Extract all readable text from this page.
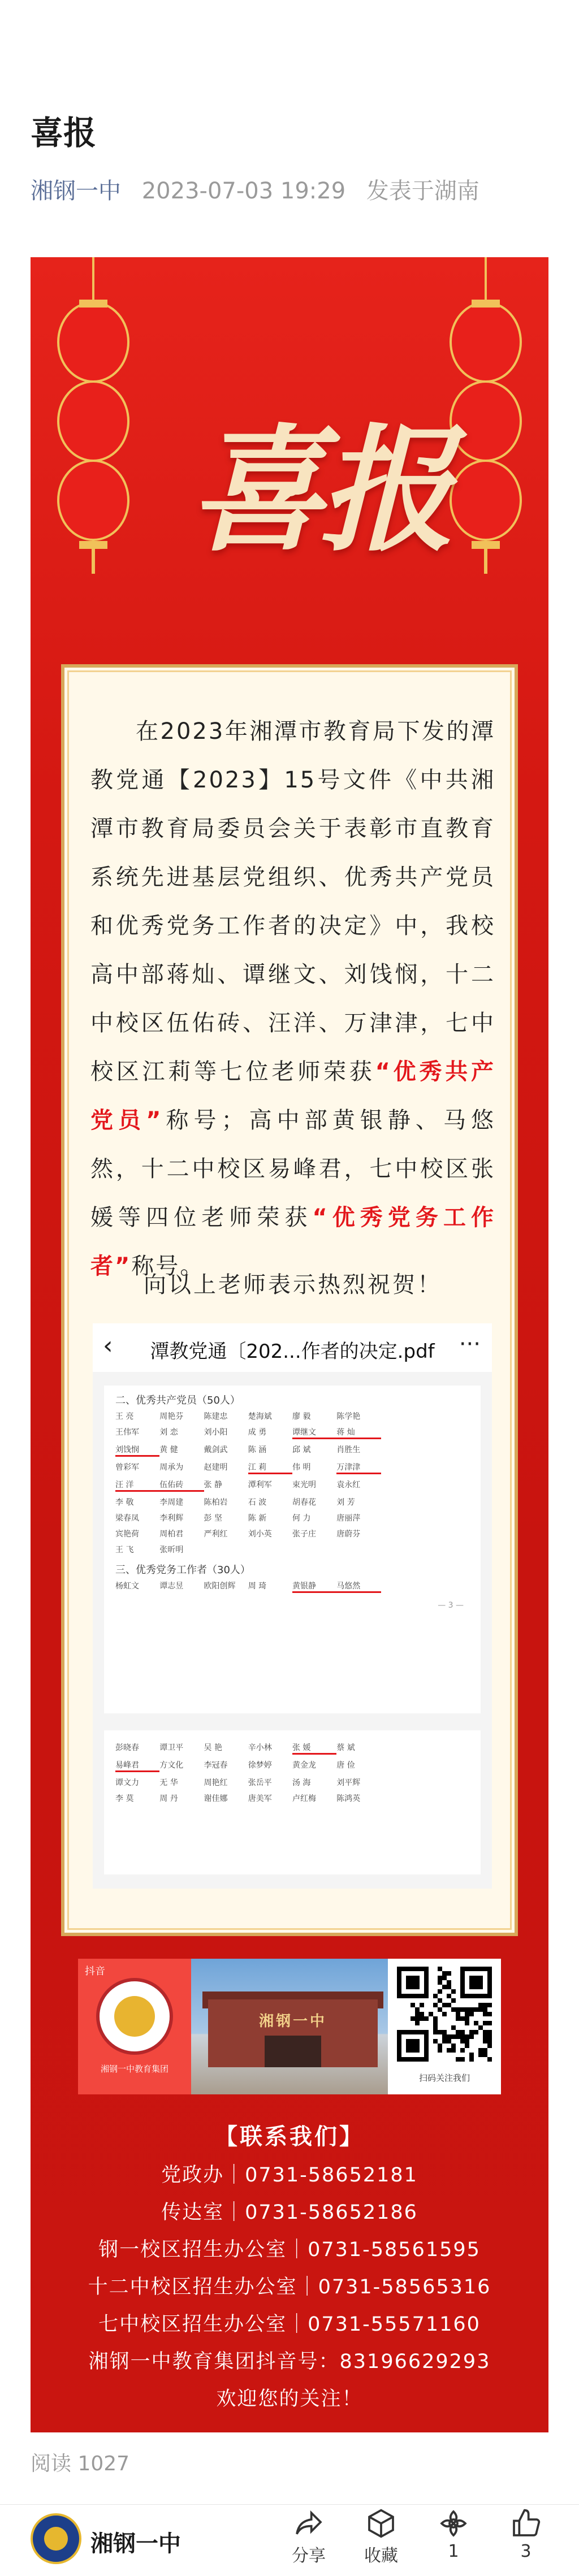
喜报
湘钢一中 2023-07-03 19:29 发表于湖南
喜报
在2023年湘潭市教育局下发的潭教党通【2023】15号文件《中共湘潭市教育局委员会关于表彰市直教育系统先进基层党组织、优秀共产党员和优秀党务工作者的决定》中，我校高中部蒋灿、谭继文、刘饯悯，十二中校区伍佑砖、汪洋、万津津，七中校区江莉等七位老师荣获“优秀共产党员”称号；高中部黄银静、马悠然，十二中校区易峰君，七中校区张媛等四位老师荣获“优秀党务工作者”称号。
向以上老师表示热烈祝贺！
‹	潭教党通〔202...作者的决定.pdf	···
二、优秀共产党员（50人）
王 亮	周艳芬	陈建忠	楚海斌	廖 毅	陈学艳
王伟军	刘 恋	刘小阳	成 勇	谭继文	蒋 灿
刘饯悯	黄 健	戴剑武	陈 涵	邱 斌	肖胜生
曾彩军	周承为	赵建明	江 莉	伟 明	万津津
汪 洋	伍佑砖	张 静	潭利军	束光明	袁永红
李 敬	李周建	陈柏岩	石 波	胡春花	刘 芳
梁春凤	李利辉	彭 坚	陈 新	何 力	唐丽萍
宾艳荷	周柏君	严利红	刘小英	张子庄	唐蔚芬
王 飞	张昕明
三、优秀党务工作者（30人）
杨虹文	谭志昱	欧阳创辉	周 琦	黄银静	马悠然
— 3 —
彭晓春	谭卫平	吴 艳	辛小林	张 媛	蔡 斌
易峰君	方文化	李冠春	徐梦婷	黄金龙	唐 俭
谭文力	无 华	周艳红	张岳平	汤 海	刘平辉
李 莫	周 丹	谢佳娜	唐美军	卢红梅	陈鸿英
抖音
湘钢一中教育集团
湘钢一中
扫码关注我们
【联系我们】
党政办｜0731-58652181
传达室｜0731-58652186
钢一校区招生办公室｜0731-58561595
十二中校区招生办公室｜0731-58565316
七中校区招生办公室｜0731-55571160
湘钢一中教育集团抖音号：83196629293
欢迎您的关注！
阅读 1027
湘钢一中	分享	收藏	1	3
